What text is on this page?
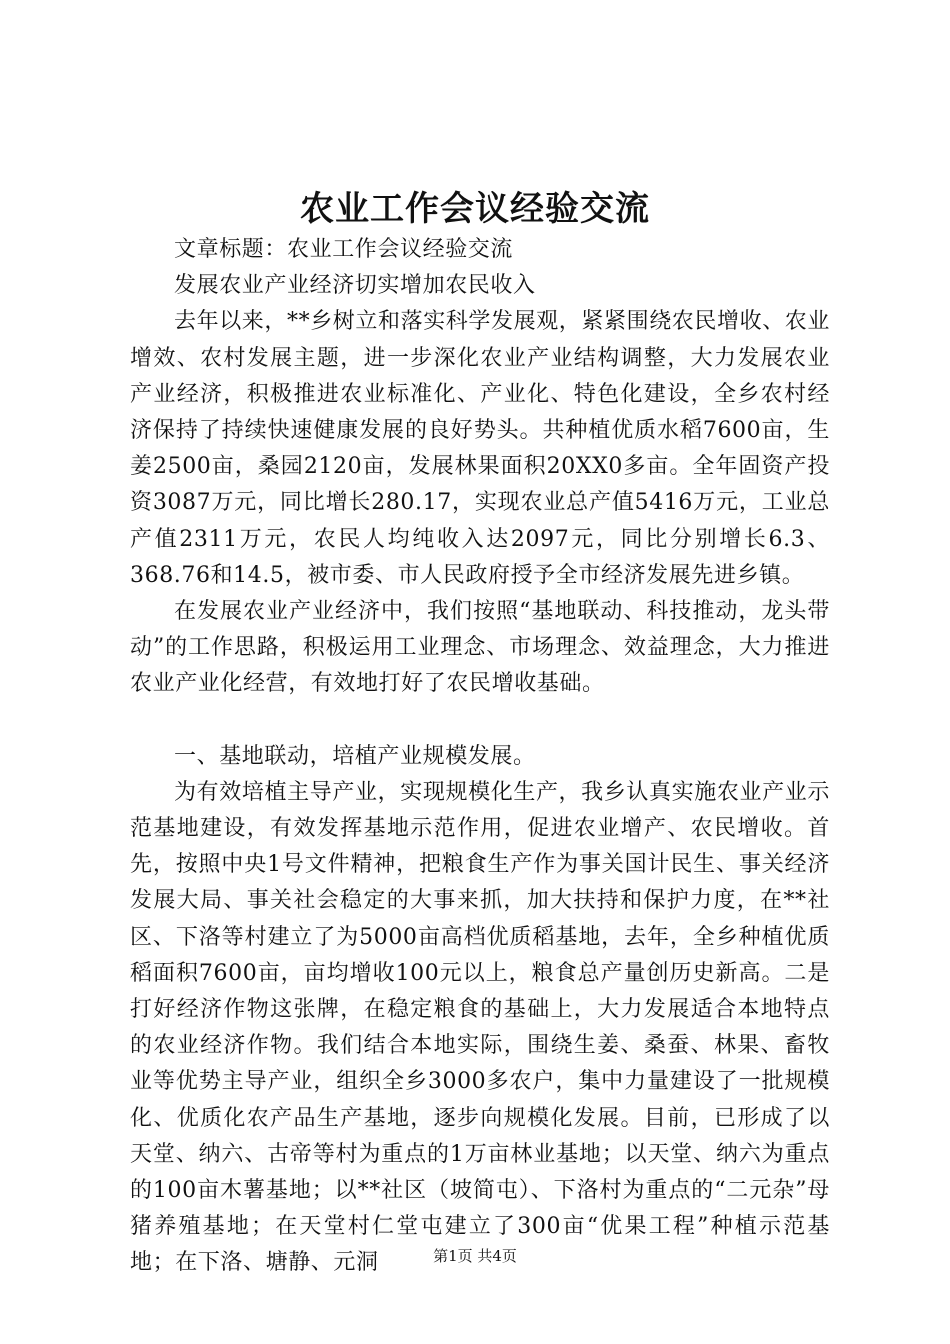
农业工作会议经验交流

文章标题：农业工作会议经验交流

发展农业产业经济切实增加农民收入

去年以来，**乡树立和落实科学发展观，紧紧围绕农民增收、农业增效、农村发展主题，进一步深化农业产业结构调整，大力发展农业产业经济，积极推进农业标准化、产业化、特色化建设，全乡农村经济保持了持续快速健康发展的良好势头。共种植优质水稻7600亩，生姜2500亩，桑园2120亩，发展林果面积20XX0多亩。全年固资产投资3087万元，同比增长280.17，实现农业总产值5416万元，工业总产值2311万元，农民人均纯收入达2097元，同比分别增长6.3、368.76和14.5，被市委、市人民政府授予全市经济发展先进乡镇。

在发展农业产业经济中，我们按照“基地联动、科技推动，龙头带动”的工作思路，积极运用工业理念、市场理念、效益理念，大力推进农业产业化经营，有效地打好了农民增收基础。

一、基地联动，培植产业规模发展。

为有效培植主导产业，实现规模化生产，我乡认真实施农业产业示范基地建设，有效发挥基地示范作用，促进农业增产、农民增收。首先，按照中央1号文件精神，把粮食生产作为事关国计民生、事关经济发展大局、事关社会稳定的大事来抓，加大扶持和保护力度，在**社区、下洛等村建立了为5000亩高档优质稻基地，去年，全乡种植优质稻面积7600亩，亩均增收100元以上，粮食总产量创历史新高。二是打好经济作物这张牌，在稳定粮食的基础上，大力发展适合本地特点的农业经济作物。我们结合本地实际，围绕生姜、桑蚕、林果、畜牧业等优势主导产业，组织全乡3000多农户，集中力量建设了一批规模化、优质化农产品生产基地，逐步向规模化发展。目前，已形成了以天堂、纳六、古帝等村为重点的1万亩林业基地；以天堂、纳六为重点的100亩木薯基地；以**社区（坡简屯）、下洛村为重点的“二元杂”母猪养殖基地；在天堂村仁堂屯建立了300亩“优果工程”种植示范基地；在下洛、塘静、元洞	第1页 共4页
